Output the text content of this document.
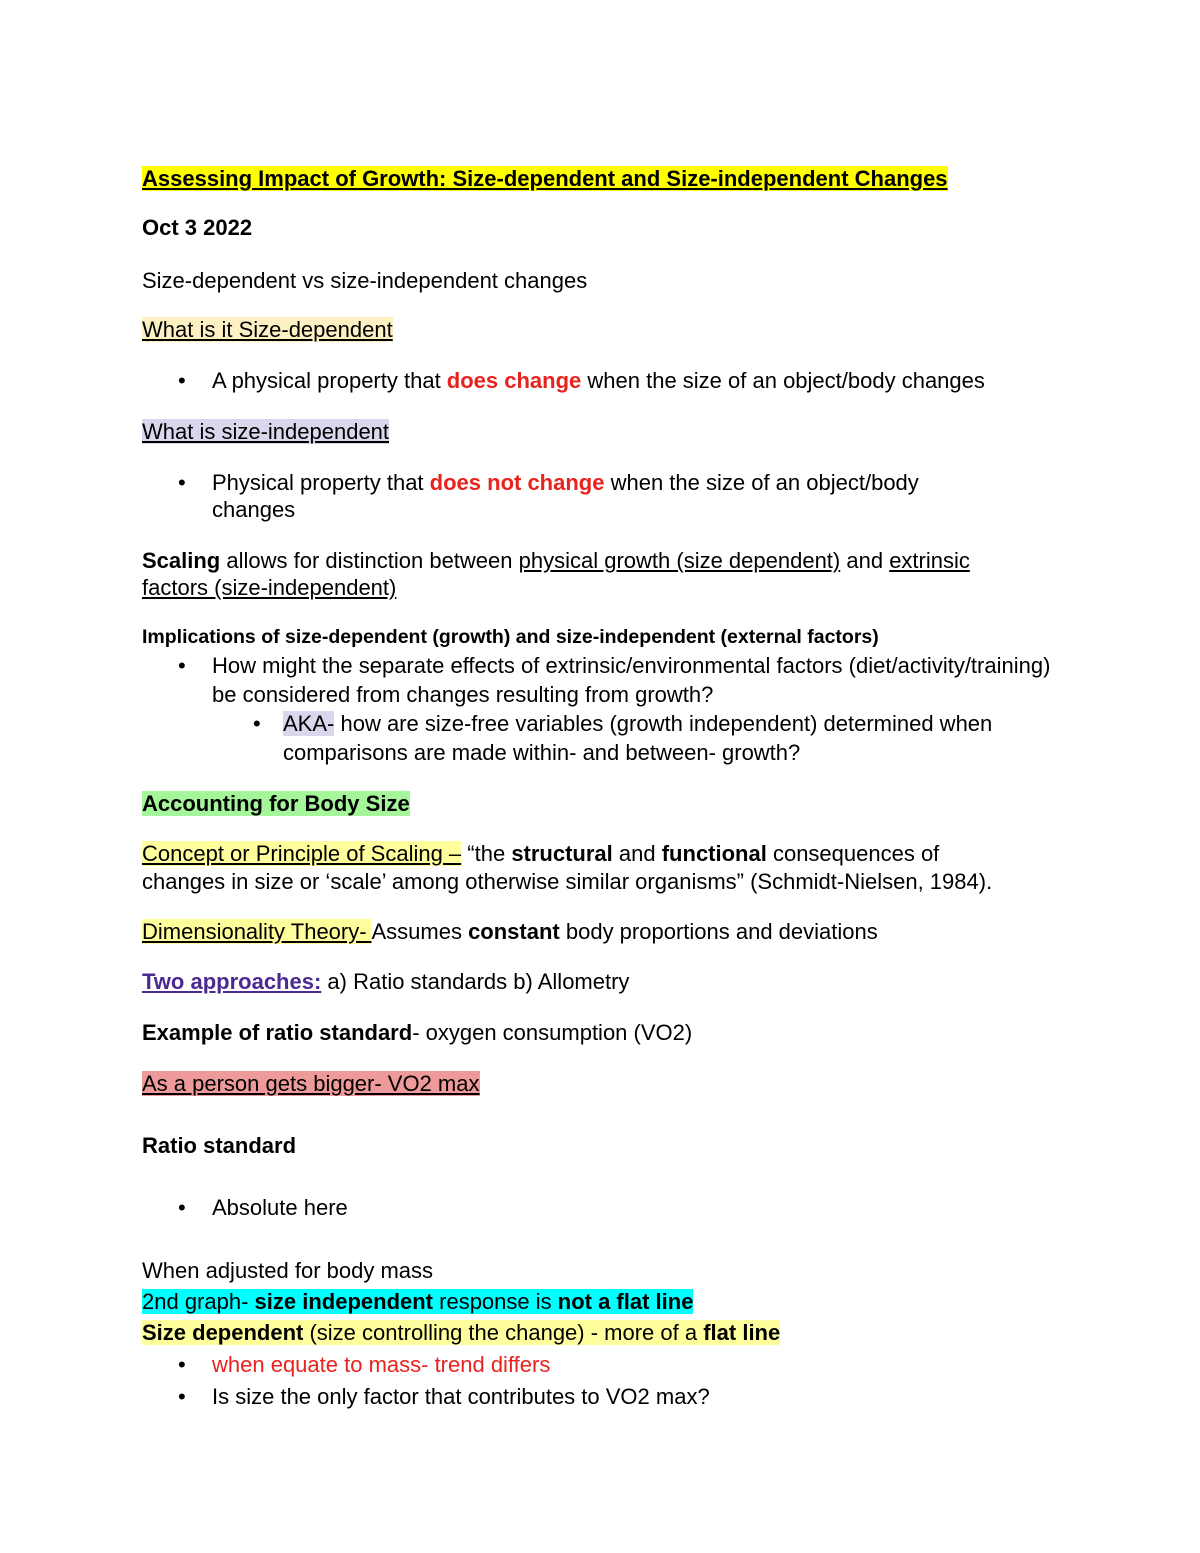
Assessing Impact of Growth: Size-dependent and Size-independent Changes
Oct 3 2022
Size-dependent vs size-independent changes
What is it Size-dependent
• A physical property that does change when the size of an object/body changes
What is size-independent
• Physical property that does not change when the size of an object/body
changes
Scaling allows for distinction between physical growth (size dependent) and extrinsic
factors (size-independent)
Implications of size-dependent (growth) and size-independent (external factors)
• How might the separate effects of extrinsic/environmental factors (diet/activity/training)
be considered from changes resulting from growth?
• AKA- how are size-free variables (growth independent) determined when
comparisons are made within- and between- growth?
Accounting for Body Size
Concept or Principle of Scaling – “the structural and functional consequences of
changes in size or ‘scale’ among otherwise similar organisms” (Schmidt-Nielsen, 1984).
Dimensionality Theory- Assumes constant body proportions and deviations
Two approaches: a) Ratio standards b) Allometry
Example of ratio standard- oxygen consumption (VO2)
As a person gets bigger- VO2 max
Ratio standard
• Absolute here
When adjusted for body mass
2nd graph- size independent response is not a flat line
Size dependent (size controlling the change) - more of a flat line
• when equate to mass- trend differs
• Is size the only factor that contributes to VO2 max?
